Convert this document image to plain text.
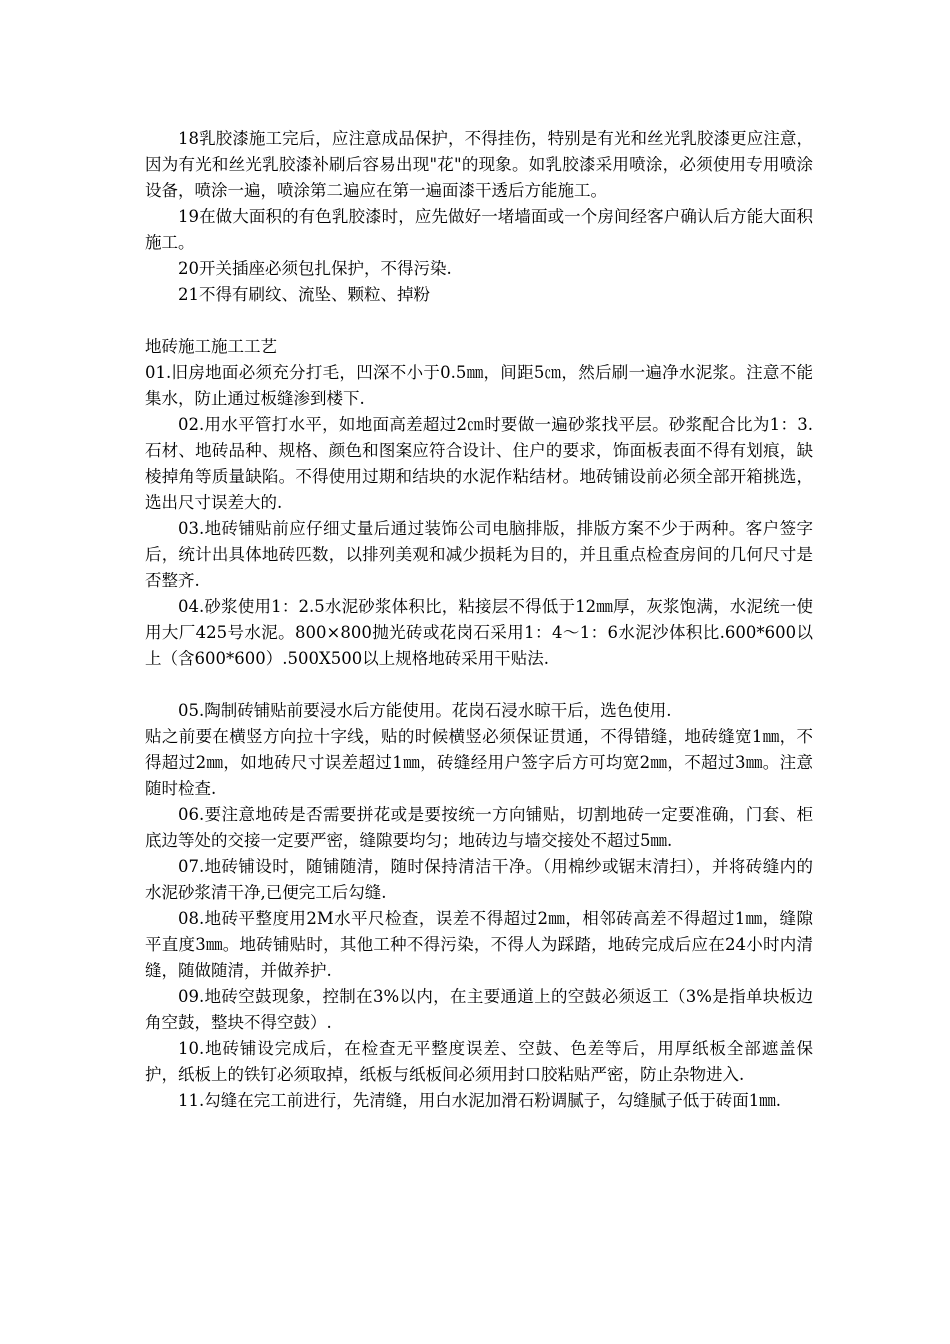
18乳胶漆施工完后，应注意成品保护，不得挂伤，特别是有光和丝光乳胶漆更应注意，因为有光和丝光乳胶漆补刷后容易出现"花"的现象。如乳胶漆采用喷涂，必须使用专用喷涂设备，喷涂一遍，喷涂第二遍应在第一遍面漆干透后方能施工。

19在做大面积的有色乳胶漆时，应先做好一堵墙面或一个房间经客户确认后方能大面积施工。

20开关插座必须包扎保护，不得污染.

21不得有刷纹、流坠、颗粒、掉粉

地砖施工施工工艺

01.旧房地面必须充分打毛，凹深不小于0.5㎜，间距5㎝，然后刷一遍净水泥浆。注意不能集水，防止通过板缝渗到楼下.

02.用水平管打水平，如地面高差超过2㎝时要做一遍砂浆找平层。砂浆配合比为1：3.石材、地砖品种、规格、颜色和图案应符合设计、住户的要求，饰面板表面不得有划痕，缺棱掉角等质量缺陷。不得使用过期和结块的水泥作粘结材。地砖铺设前必须全部开箱挑选，选出尺寸误差大的.

03.地砖铺贴前应仔细丈量后通过装饰公司电脑排版，排版方案不少于两种。客户签字后，统计出具体地砖匹数，以排列美观和减少损耗为目的，并且重点检查房间的几何尺寸是否整齐.

04.砂浆使用1：2.5水泥砂浆体积比，粘接层不得低于12㎜厚，灰浆饱满，水泥统一使用大厂425号水泥。800×800抛光砖或花岗石采用1：4～1：6水泥沙体积比.600*600以上（含600*600）.500X500以上规格地砖采用干贴法.

05.陶制砖铺贴前要浸水后方能使用。花岗石浸水晾干后，选色使用.

贴之前要在横竖方向拉十字线，贴的时候横竖必须保证贯通，不得错缝，地砖缝宽1㎜，不得超过2㎜，如地砖尺寸误差超过1㎜，砖缝经用户签字后方可均宽2㎜，不超过3㎜。注意随时检查.

06.要注意地砖是否需要拼花或是要按统一方向铺贴，切割地砖一定要准确，门套、柜底边等处的交接一定要严密，缝隙要均匀；地砖边与墙交接处不超过5㎜.

07.地砖铺设时，随铺随清，随时保持清洁干净。（用棉纱或锯末清扫），并将砖缝内的水泥砂浆清干净,已便完工后勾缝.

08.地砖平整度用2M水平尺检查，误差不得超过2㎜，相邻砖高差不得超过1㎜，缝隙平直度3㎜。地砖铺贴时，其他工种不得污染，不得人为踩踏，地砖完成后应在24小时内清缝，随做随清，并做养护.

09.地砖空鼓现象，控制在3%以内，在主要通道上的空鼓必须返工（3%是指单块板边角空鼓，整块不得空鼓）.

10.地砖铺设完成后，在检查无平整度误差、空鼓、色差等后，用厚纸板全部遮盖保护，纸板上的铁钉必须取掉，纸板与纸板间必须用封口胶粘贴严密，防止杂物进入.

11.勾缝在完工前进行，先清缝，用白水泥加滑石粉调腻子，勾缝腻子低于砖面1㎜.
